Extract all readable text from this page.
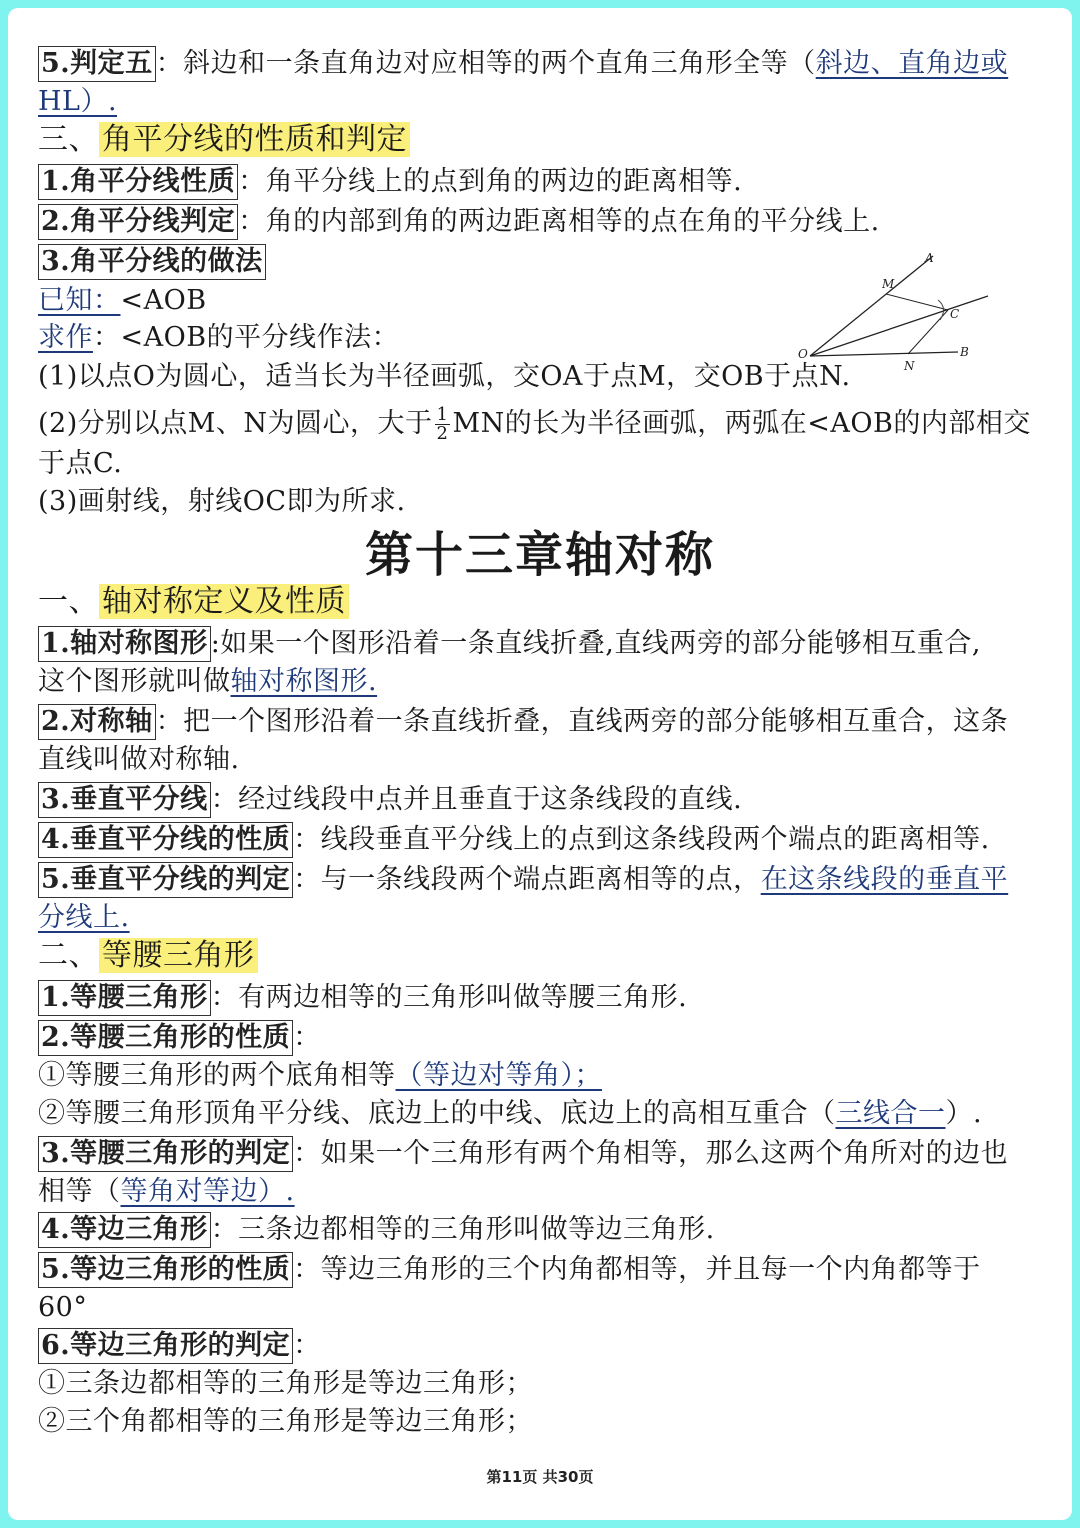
5.判定五 ：斜边和一条直角边对应相等的两个直角三角形全等（斜边、直角边或
HL）.
三、 角平分线的性质和判定
1.角平分线性质 ：角平分线上的点到角的两边的距离相等.
2.角平分线判定 ：角的内部到角的两边距离相等的点在角的平分线上.
3.角平分线的做法
已知：<AOB
求作：<AOB的平分线作法：
(1)以点O为圆心，适当长为半径画弧，交OA于点M，交OB于点N.
(2)分别以点M、N为圆心，大于 $\frac{1}{2}$ MN的长为半径画弧，两弧在<AOB的内部相交
于点C.
(3)画射线，射线OC即为所求.
A
M
C
O
N
B
第十三章轴对称
一、 轴对称定义及性质
1.轴对称图形 :如果一个图形沿着一条直线折叠,直线两旁的部分能够相互重合,
这个图形就叫做轴对称图形.
2.对称轴 ：把一个图形沿着一条直线折叠，直线两旁的部分能够相互重合，这条
直线叫做对称轴.
3.垂直平分线 ：经过线段中点并且垂直于这条线段的直线.
4.垂直平分线的性质 ：线段垂直平分线上的点到这条线段两个端点的距离相等.
5.垂直平分线的判定 ：与一条线段两个端点距离相等的点，在这条线段的垂直平
分线上.
二、 等腰三角形
1.等腰三角形 ：有两边相等的三角形叫做等腰三角形.
2.等腰三角形的性质 ：
①等腰三角形的两个底角相等（等边对等角）；
②等腰三角形顶角平分线、底边上的中线、底边上的高相互重合（三线合一）.
3.等腰三角形的判定 ：如果一个三角形有两个角相等，那么这两个角所对的边也
相等（等角对等边）.
4.等边三角形 ：三条边都相等的三角形叫做等边三角形.
5.等边三角形的性质 ：等边三角形的三个内角都相等，并且每一个内角都等于
60°
6.等边三角形的判定 ：
①三条边都相等的三角形是等边三角形；
②三个角都相等的三角形是等边三角形；
第11页 共30页
